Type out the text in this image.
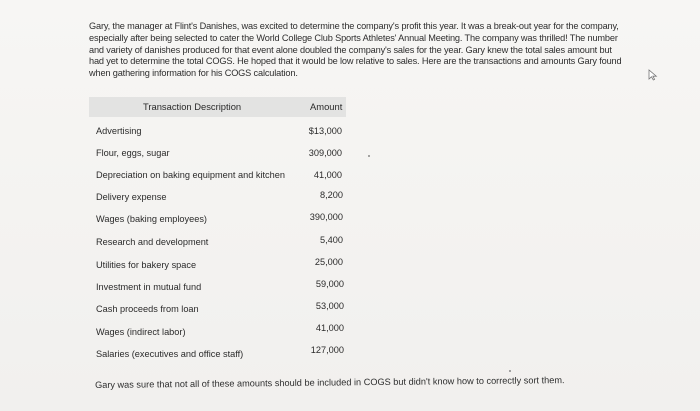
Gary, the manager at Flint's Danishes, was excited to determine the company's profit this year. It was a break-out year for the company, especially after being selected to cater the World College Club Sports Athletes' Annual Meeting. The company was thrilled! The number and variety of danishes produced for that event alone doubled the company's sales for the year. Gary knew the total sales amount but had yet to determine the total COGS. He hoped that it would be low relative to sales. Here are the transactions and amounts Gary found when gathering information for his COGS calculation.

Transaction Description	Amount
Advertising	$13,000
Flour, eggs, sugar	309,000
Depreciation on baking equipment and kitchen	41,000
Delivery expense	8,200
Wages (baking employees)	390,000
Research and development	5,400
Utilities for bakery space	25,000
Investment in mutual fund	59,000
Cash proceeds from loan	53,000
Wages (indirect labor)	41,000
Salaries (executives and office staff)	127,000
Gary was sure that not all of these amounts should be included in COGS but didn't know how to correctly sort them.
